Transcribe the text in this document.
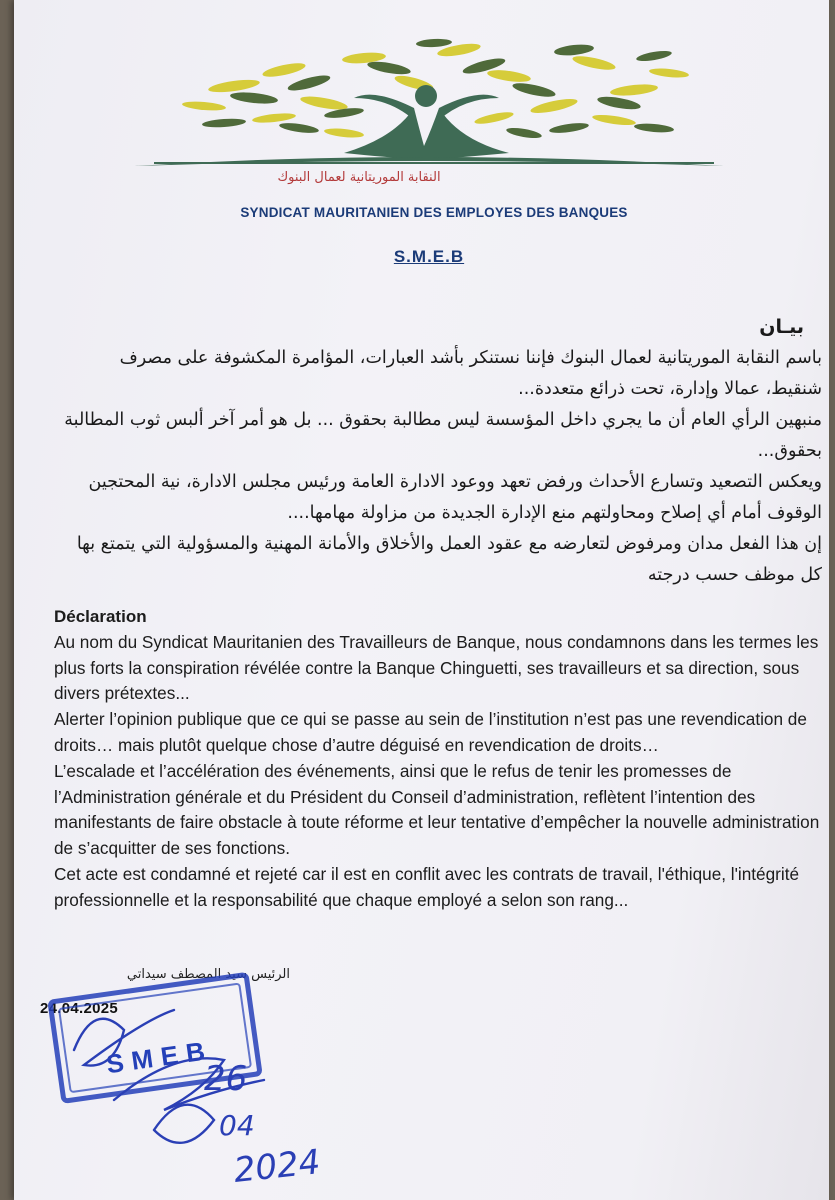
النقابة الموريتانية لعمال البنوك
SYNDICAT MAURITANIEN DES EMPLOYES DES BANQUES
S.M.E.B

بيـان

باسم النقابة الموريتانية لعمال البنوك فإننا نستنكر بأشد العبارات، المؤامرة المكشوفة على مصرف شنقيط، عمالا وإدارة، تحت ذرائع متعددة...

منبهين الرأي العام أن ما يجري داخل المؤسسة ليس مطالبة بحقوق ... بل هو أمر آخر ألبس ثوب المطالبة بحقوق...

ويعكس التصعيد وتسارع الأحداث ورفض تعهد ووعود الادارة العامة ورئيس مجلس الادارة، نية المحتجين الوقوف أمام أي إصلاح ومحاولتهم منع الإدارة الجديدة من مزاولة مهامها....

إن هذا الفعل مدان ومرفوض لتعارضه مع عقود العمل والأخلاق والأمانة المهنية والمسؤولية التي يتمتع بها كل موظف حسب درجته

Déclaration

Au nom du Syndicat Mauritanien des Travailleurs de Banque, nous condamnons dans les termes les plus forts la conspiration révélée contre la Banque Chinguetti, ses travailleurs et sa direction, sous divers prétextes...

Alerter l’opinion publique que ce qui se passe au sein de l’institution n’est pas une revendication de droits… mais plutôt quelque chose d’autre déguisé en revendication de droits…

L’escalade et l’accélération des événements, ainsi que le refus de tenir les promesses de l’Administration générale et du Président du Conseil d’administration, reflètent l’intention des manifestants de faire obstacle à toute réforme et leur tentative d’empêcher la nouvelle administration de s’acquitter de ses fonctions.

Cet acte est condamné et rejeté car il est en conflit avec les contrats de travail, l'éthique, l'intégrité professionnelle et la responsabilité que chaque employé a selon son rang...

الرئيس سيد المصطف سيداتي
24.04.2025
SMEB
26
04
2024
